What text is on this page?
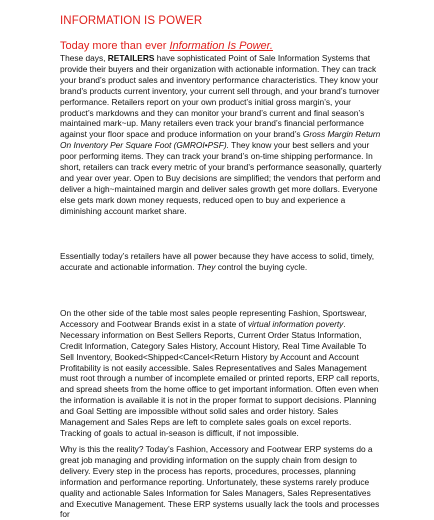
INFORMATION IS POWER
Today more than ever Information Is Power.
These days, RETAILERS have sophisticated Point of Sale Information Systems that provide their buyers and their organization with actionable information. They can track your brand’s product sales and inventory performance characteristics. They know your brand’s products current inventory, your current sell through, and your brand’s turnover performance. Retailers report on your own product’s initial gross margin’s, your product’s markdowns and they can monitor your brand’s current and final season’s maintained mark~up. Many retailers even track your brand’s financial performance against your floor space and produce information on your brand’s Gross Margin Return On Inventory Per Square Foot (GMROI•PSF). They know your best sellers and your poor performing items. They can track your brand’s on-time shipping performance. In short, retailers can track every metric of your brand’s performance seasonally, quarterly and year over year. Open to Buy decisions are simplified; the vendors that perform and deliver a high~maintained margin and deliver sales growth get more dollars. Everyone else gets mark down money requests, reduced open to buy and experience a diminishing account market share.
Essentially today’s retailers have all power because they have access to solid, timely, accurate and actionable information. They control the buying cycle.
On the other side of the table most sales people representing Fashion, Sportswear, Accessory and Footwear Brands exist in a state of virtual information poverty. Necessary information on Best Sellers Reports, Current Order Status Information, Credit Information, Category Sales History, Account History, Real Time Available To Sell Inventory, Booked<Shipped<Cancel<Return History by Account and Account Profitability is not easily accessible. Sales Representatives and Sales Management must root through a number of incomplete emailed or printed reports, ERP call reports, and spread sheets from the home office to get important information. Often even when the information is available it is not in the proper format to support decisions. Planning and Goal Setting are impossible without solid sales and order history. Sales Management and Sales Reps are left to complete sales goals on excel reports. Tracking of goals to actual in-season is difficult, if not impossible.
Why is this the reality? Today’s Fashion, Accessory and Footwear ERP systems do a great job managing and providing information on the supply chain from design to delivery. Every step in the process has reports, procedures, processes, planning information and performance reporting. Unfortunately, these systems rarely produce quality and actionable Sales Information for Sales Managers, Sales Representatives and Executive Management. These ERP systems usually lack the tools and processes for
